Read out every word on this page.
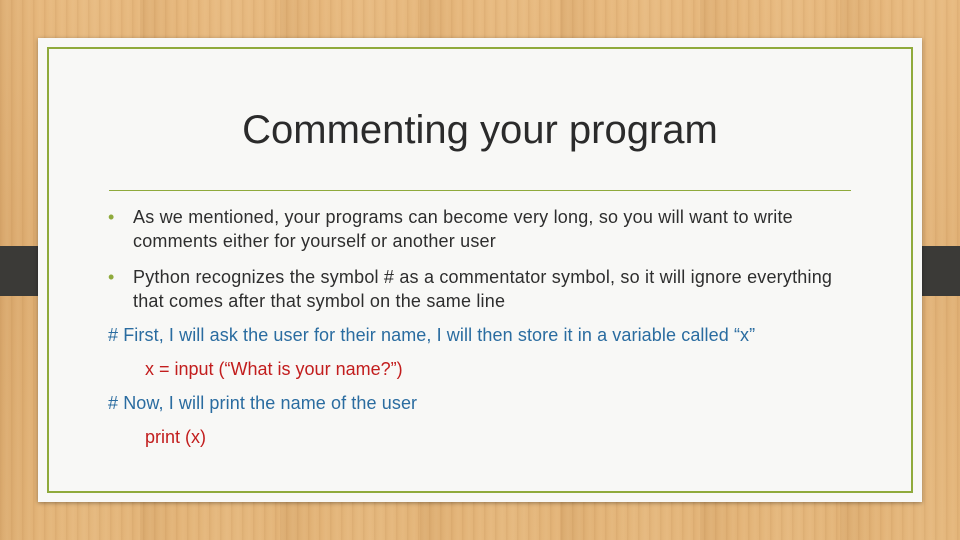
Commenting your program
• As we mentioned, your programs can become very long, so you will want to write comments either for yourself or another user
• Python recognizes the symbol # as a commentator symbol, so it will ignore everything that comes after that symbol on the same line
# First, I will ask the user for their name, I will then store it in a variable called “x”
x = input (“What is your name?”)
# Now, I will print the name of the user
print (x)
